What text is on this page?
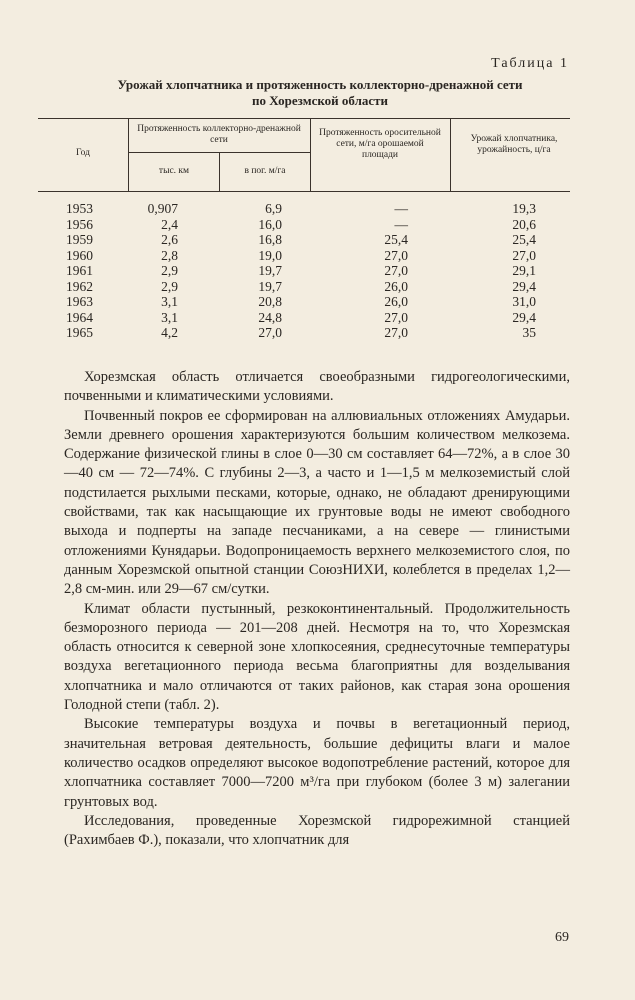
Таблица 1
Урожай хлопчатника и протяженность коллекторно-дренажной сети
по Хорезмской области
Год
Протяженность коллекторно-дренажной сети
тыс. км	в пог. м/га
Протяженность оросительной сети, м/га орошаемой площади
Урожай хлопчатника, урожайность, ц/га
1953	0,907	6,9	—	19,3
1956	2,4	16,0	—	20,6
1959	2,6	16,8	25,4	25,4
1960	2,8	19,0	27,0	27,0
1961	2,9	19,7	27,0	29,1
1962	2,9	19,7	26,0	29,4
1963	3,1	20,8	26,0	31,0
1964	3,1	24,8	27,0	29,4
1965	4,2	27,0	27,0	35

Хорезмская область отличается своеобразными гидрогеологическими, почвенными и климатическими условиями.

Почвенный покров ее сформирован на аллювиальных отложениях Амударьи. Земли древнего орошения характеризуются большим количеством мелкозема. Содержание физической глины в слое 0—30 см составляет 64—72%, а в слое 30—40 см — 72—74%. С глубины 2—3, а часто и 1—1,5 м мелкоземистый слой подстилается рыхлыми песками, которые, однако, не обладают дренирующими свойствами, так как насыщающие их грунтовые воды не имеют свободного выхода и подперты на западе песчаниками, а на севере — глинистыми отложениями Кунядарьи. Водопроницаемость верхнего мелкоземистого слоя, по данным Хорезмской опытной станции СоюзНИХИ, колеблется в пределах 1,2—2,8 см-мин. или 29—67 см/сутки.

Климат области пустынный, резкоконтинентальный. Продолжительность безморозного периода — 201—208 дней. Несмотря на то, что Хорезмская область относится к северной зоне хлопкосеяния, среднесуточные температуры воздуха вегетационного периода весьма благоприятны для возделывания хлопчатника и мало отличаются от таких районов, как старая зона орошения Голодной степи (табл. 2).

Высокие температуры воздуха и почвы в вегетационный период, значительная ветровая деятельность, большие дефициты влаги и малое количество осадков определяют высокое водопотребление растений, которое для хлопчатника составляет 7000—7200 м³/га при глубоком (более 3 м) залегании грунтовых вод.

Исследования, проведенные Хорезмской гидрорежимной станцией (Рахимбаев Ф.), показали, что хлопчатник для

69
